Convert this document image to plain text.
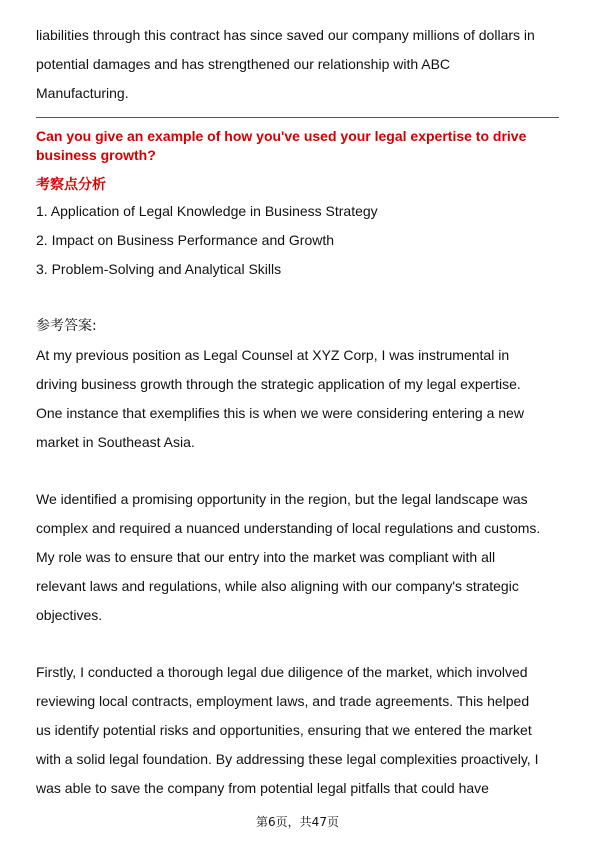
liabilities through this contract has since saved our company millions of dollars in
potential damages and has strengthened our relationship with ABC
Manufacturing.
Can you give an example of how you've used your legal expertise to drive business growth?
考察点分析
1. Application of Legal Knowledge in Business Strategy
2. Impact on Business Performance and Growth
3. Problem-Solving and Analytical Skills
参考答案:
At my previous position as Legal Counsel at XYZ Corp, I was instrumental in
driving business growth through the strategic application of my legal expertise.
One instance that exemplifies this is when we were considering entering a new
market in Southeast Asia.
We identified a promising opportunity in the region, but the legal landscape was
complex and required a nuanced understanding of local regulations and customs.
My role was to ensure that our entry into the market was compliant with all
relevant laws and regulations, while also aligning with our company's strategic
objectives.
Firstly, I conducted a thorough legal due diligence of the market, which involved
reviewing local contracts, employment laws, and trade agreements. This helped
us identify potential risks and opportunities, ensuring that we entered the market
with a solid legal foundation. By addressing these legal complexities proactively, I
was able to save the company from potential legal pitfalls that could have
第6页，共47页
